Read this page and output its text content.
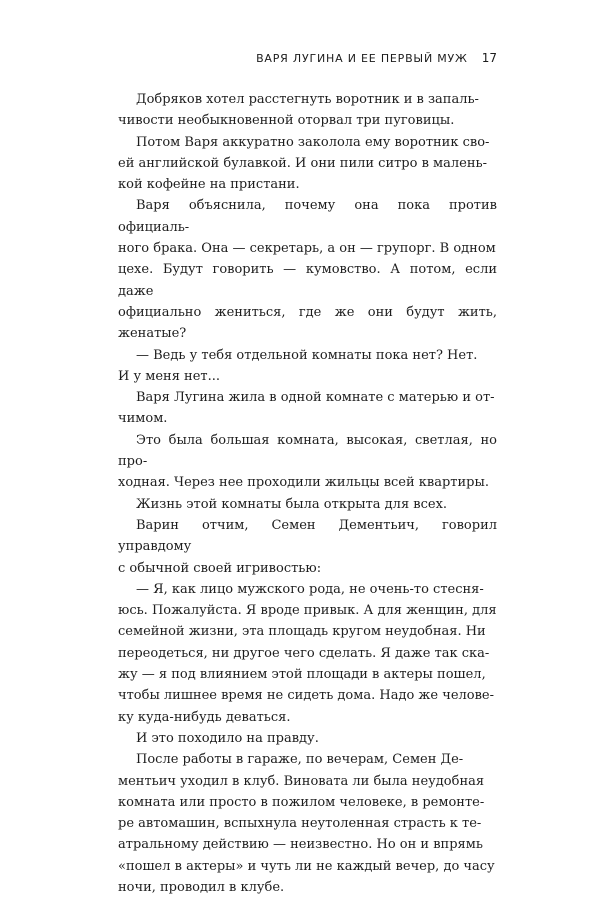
ВАРЯ ЛУГИНА И ЕЕ ПЕРВЫЙ МУЖ 17

Добряков хотел расстегнуть воротник и в запаль-
чивости необыкновенной оторвал три пуговицы.

Потом Варя аккуратно заколола ему воротник сво-
ей английской булавкой. И они пили ситро в малень-
кой кофейне на пристани.

Варя объяснила, почему она пока против официаль-
ного брака. Она — секретарь, а он — групорг. В одном
цехе. Будут говорить — кумовство. А потом, если даже
официально жениться, где же они будут жить, женатые?

— Ведь у тебя отдельной комнаты пока нет? Нет.
И у меня нет...

Варя Лугина жила в одной комнате с матерью и от-
чимом.

Это была большая комната, высокая, светлая, но про-
ходная. Через нее проходили жильцы всей квартиры.

Жизнь этой комнаты была открыта для всех.

Варин отчим, Семен Дементьич, говорил управдому
с обычной своей игривостью:

— Я, как лицо мужского рода, не очень-то стесня-
юсь. Пожалуйста. Я вроде привык. А для женщин, для
семейной жизни, эта площадь кругом неудобная. Ни
переодеться, ни другое чего сделать. Я даже так ска-
жу — я под влиянием этой площади в актеры пошел,
чтобы лишнее время не сидеть дома. Надо же челове-
ку куда-нибудь деваться.

И это походило на правду.

После работы в гараже, по вечерам, Семен Де-
ментьич уходил в клуб. Виновата ли была неудобная
комната или просто в пожилом человеке, в ремонте-
ре автомашин, вспыхнула неутоленная страсть к те-
атральному действию — неизвестно. Но он и впрямь
«пошел в актеры» и чуть ли не каждый вечер, до часу
ночи, проводил в клубе.
